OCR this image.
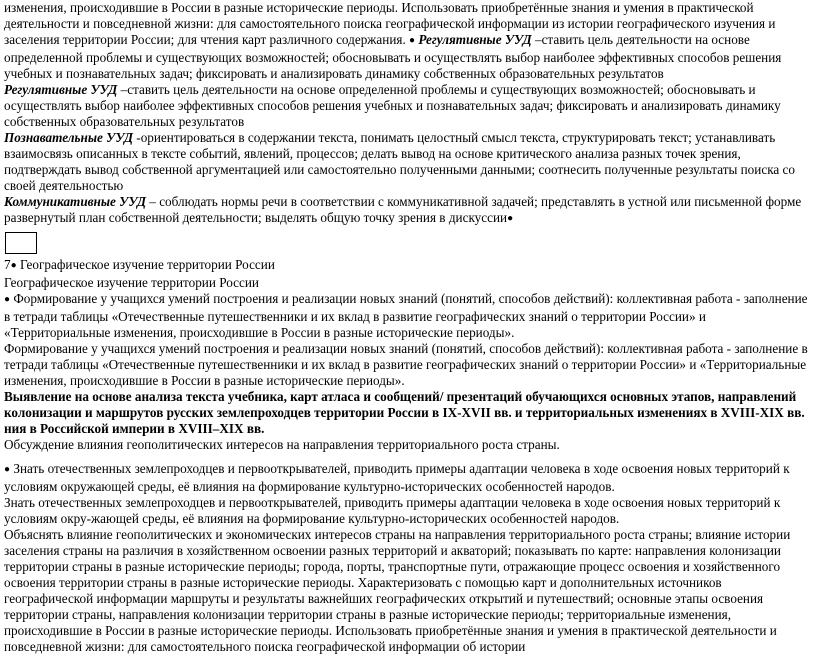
изменения, происходившие в России в разные исторические периоды. Использовать приобретённые знания и умения в практической деятельности и повседневной жизни: для самостоятельного поиска географической информации из истории географического изучения и заселения территории России; для чтения карт различного содержания. ● Регулятивные УУД –ставить цель деятельности на основе определенной проблемы и существующих возможностей; обосновывать и осуществлять выбор наиболее эффективных способов решения учебных и познавательных задач; фиксировать и анализировать динамику собственных образовательных результатов

Регулятивные УУД –ставить цель деятельности на основе определенной проблемы и существующих возможностей; обосновывать и осуществлять выбор наиболее эффективных способов решения учебных и познавательных задач; фиксировать и анализировать динамику собственных образовательных результатов

Познавательные УУД -ориентироваться в содержании текста, понимать целостный смысл текста, структурировать текст; устанавливать взаимосвязь описанных в тексте событий, явлений, процессов; делать вывод на основе критического анализа разных точек зрения, подтверждать вывод собственной аргументацией или самостоятельно полученными данными; соотнесить полученные результаты поиска со своей деятельностью

Коммуникативные УУД – соблюдать нормы речи в соответствии с коммуникативной задачей; представлять в устной или письменной форме развернутый план собственной деятельности; выделять общую точку зрения в дискуссии●

7● Географическое изучение территории России

Географическое изучение территории России

● Формирование у учащихся умений построения и реализации новых знаний (понятий, способов действий): коллективная работа - заполнение в тетради таблицы «Отечественные путешественники и их вклад в развитие географических знаний о территории России» и «Территориальные изменения, происходившие в России в разные исторические периоды».

Формирование у учащихся умений построения и реализации новых знаний (понятий, способов действий): коллективная работа - заполнение в тетради таблицы «Отечественные путешественники и их вклад в развитие географических знаний о территории России» и «Территориальные изменения, происходившие в России в разные исторические периоды».

Выявление на основе анализа текста учебника, карт атласа и сообщений/ презентаций обучающихся основных этапов, направлений колонизации и маршрутов русских землепроходцев территории России в IX-XVII вв. и территориальных изменениях в XVIII-XIX вв. ния в Российской империи в XVIII–XIX вв.

Обсуждение влияния геополитических интересов на направления территориального роста страны.

● Знать отечественных землепроходцев и первооткрывателей, приводить примеры адаптации человека в ходе освоения новых территорий к условиям окружающей среды, её влияния на формирование культурно-исторических особенностей народов.

Знать отечественных землепроходцев и первооткрывателей, приводить примеры адаптации человека в ходе освоения новых территорий к условиям окру-жающей среды, её влияния на формирование культурно-исторических особенностей народов.

Объяснять влияние геополитических и экономических интересов страны на направления территориального роста страны; влияние истории заселения страны на различия в хозяйственном освоении разных территорий и акваторий; показывать по карте: направления колонизации территории страны в разные исторические периоды; города, порты, транспортные пути, отражающие процесс освоения и хозяйственного освоения территории страны в разные исторические периоды. Характеризовать с помощью карт и дополнительных источников географической информации маршруты и результаты важнейших географических открытий и путешествий; основные этапы освоения территории страны, направления колонизации территории страны в разные исторические периоды; территориальные изменения, происходившие в России в разные исторические периоды. Использовать приобретённые знания и умения в практической деятельности и повседневной жизни: для самостоятельного поиска географической информации об истории
